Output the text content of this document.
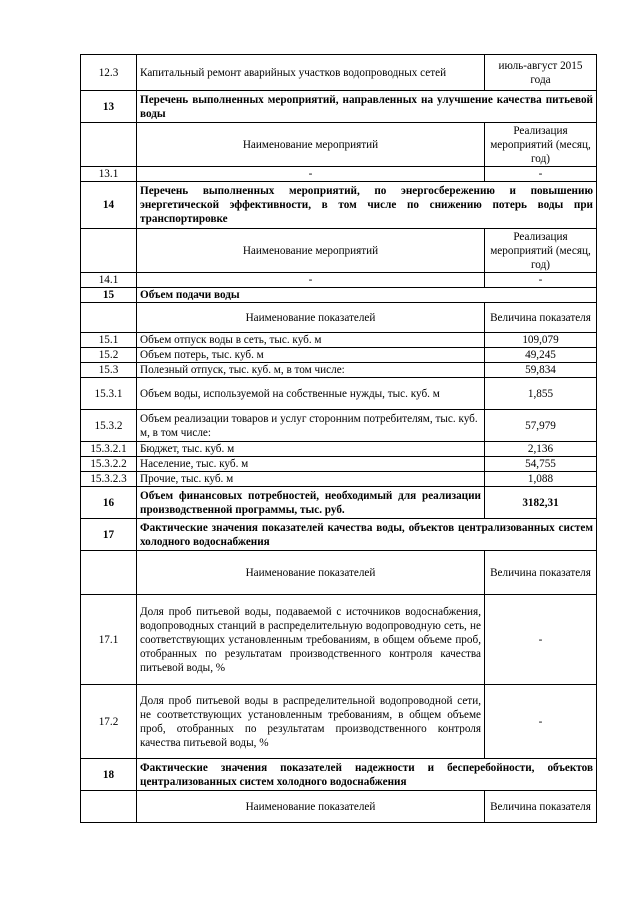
12.3	Капитальный ремонт аварийных участков водопроводных сетей	июль-август 2015 года
13	Перечень выполненных мероприятий, направленных на улучшение качества питьевой воды	
	Наименование мероприятий	Реализация мероприятий (месяц, год)
13.1	-	-
14	Перечень выполненных мероприятий, по энергосбережению и повышению энергетической эффективности, в том числе по снижению потерь воды при транспортировке	
	Наименование мероприятий	Реализация мероприятий (месяц, год)
14.1	-	-
15	Объем подачи воды	
	Наименование показателей	Величина показателя
15.1	Объем отпуск воды в сеть, тыс. куб. м	109,079
15.2	Объем потерь, тыс. куб. м	49,245
15.3	Полезный отпуск, тыс. куб. м, в том числе:	59,834
15.3.1	Объем воды, используемой на собственные нужды, тыс. куб. м	1,855
15.3.2	Объем реализации товаров и услуг сторонним потребителям, тыс. куб. м, в том числе:	57,979
15.3.2.1	Бюджет, тыс. куб. м	2,136
15.3.2.2	Население, тыс. куб. м	54,755
15.3.2.3	Прочие, тыс. куб. м	1,088
16	Объем финансовых потребностей, необходимый для реализации производственной программы, тыс. руб.	3182,31
17	Фактические значения показателей качества воды, объектов централизованных систем холодного водоснабжения	
	Наименование показателей	Величина показателя
17.1	Доля проб питьевой воды, подаваемой с источников водоснабжения, водопроводных станций в распределительную водопроводную сеть, не соответствующих установленным требованиям, в общем объеме проб, отобранных по результатам производственного контроля качества питьевой воды, %	-
17.2	Доля проб питьевой воды в распределительной водопроводной сети, не соответствующих установленным требованиям, в общем объеме проб, отобранных по результатам производственного контроля качества питьевой воды, %	-
18	Фактические значения показателей надежности и бесперебойности, объектов централизованных систем холодного водоснабжения	
	Наименование показателей	Величина показателя
